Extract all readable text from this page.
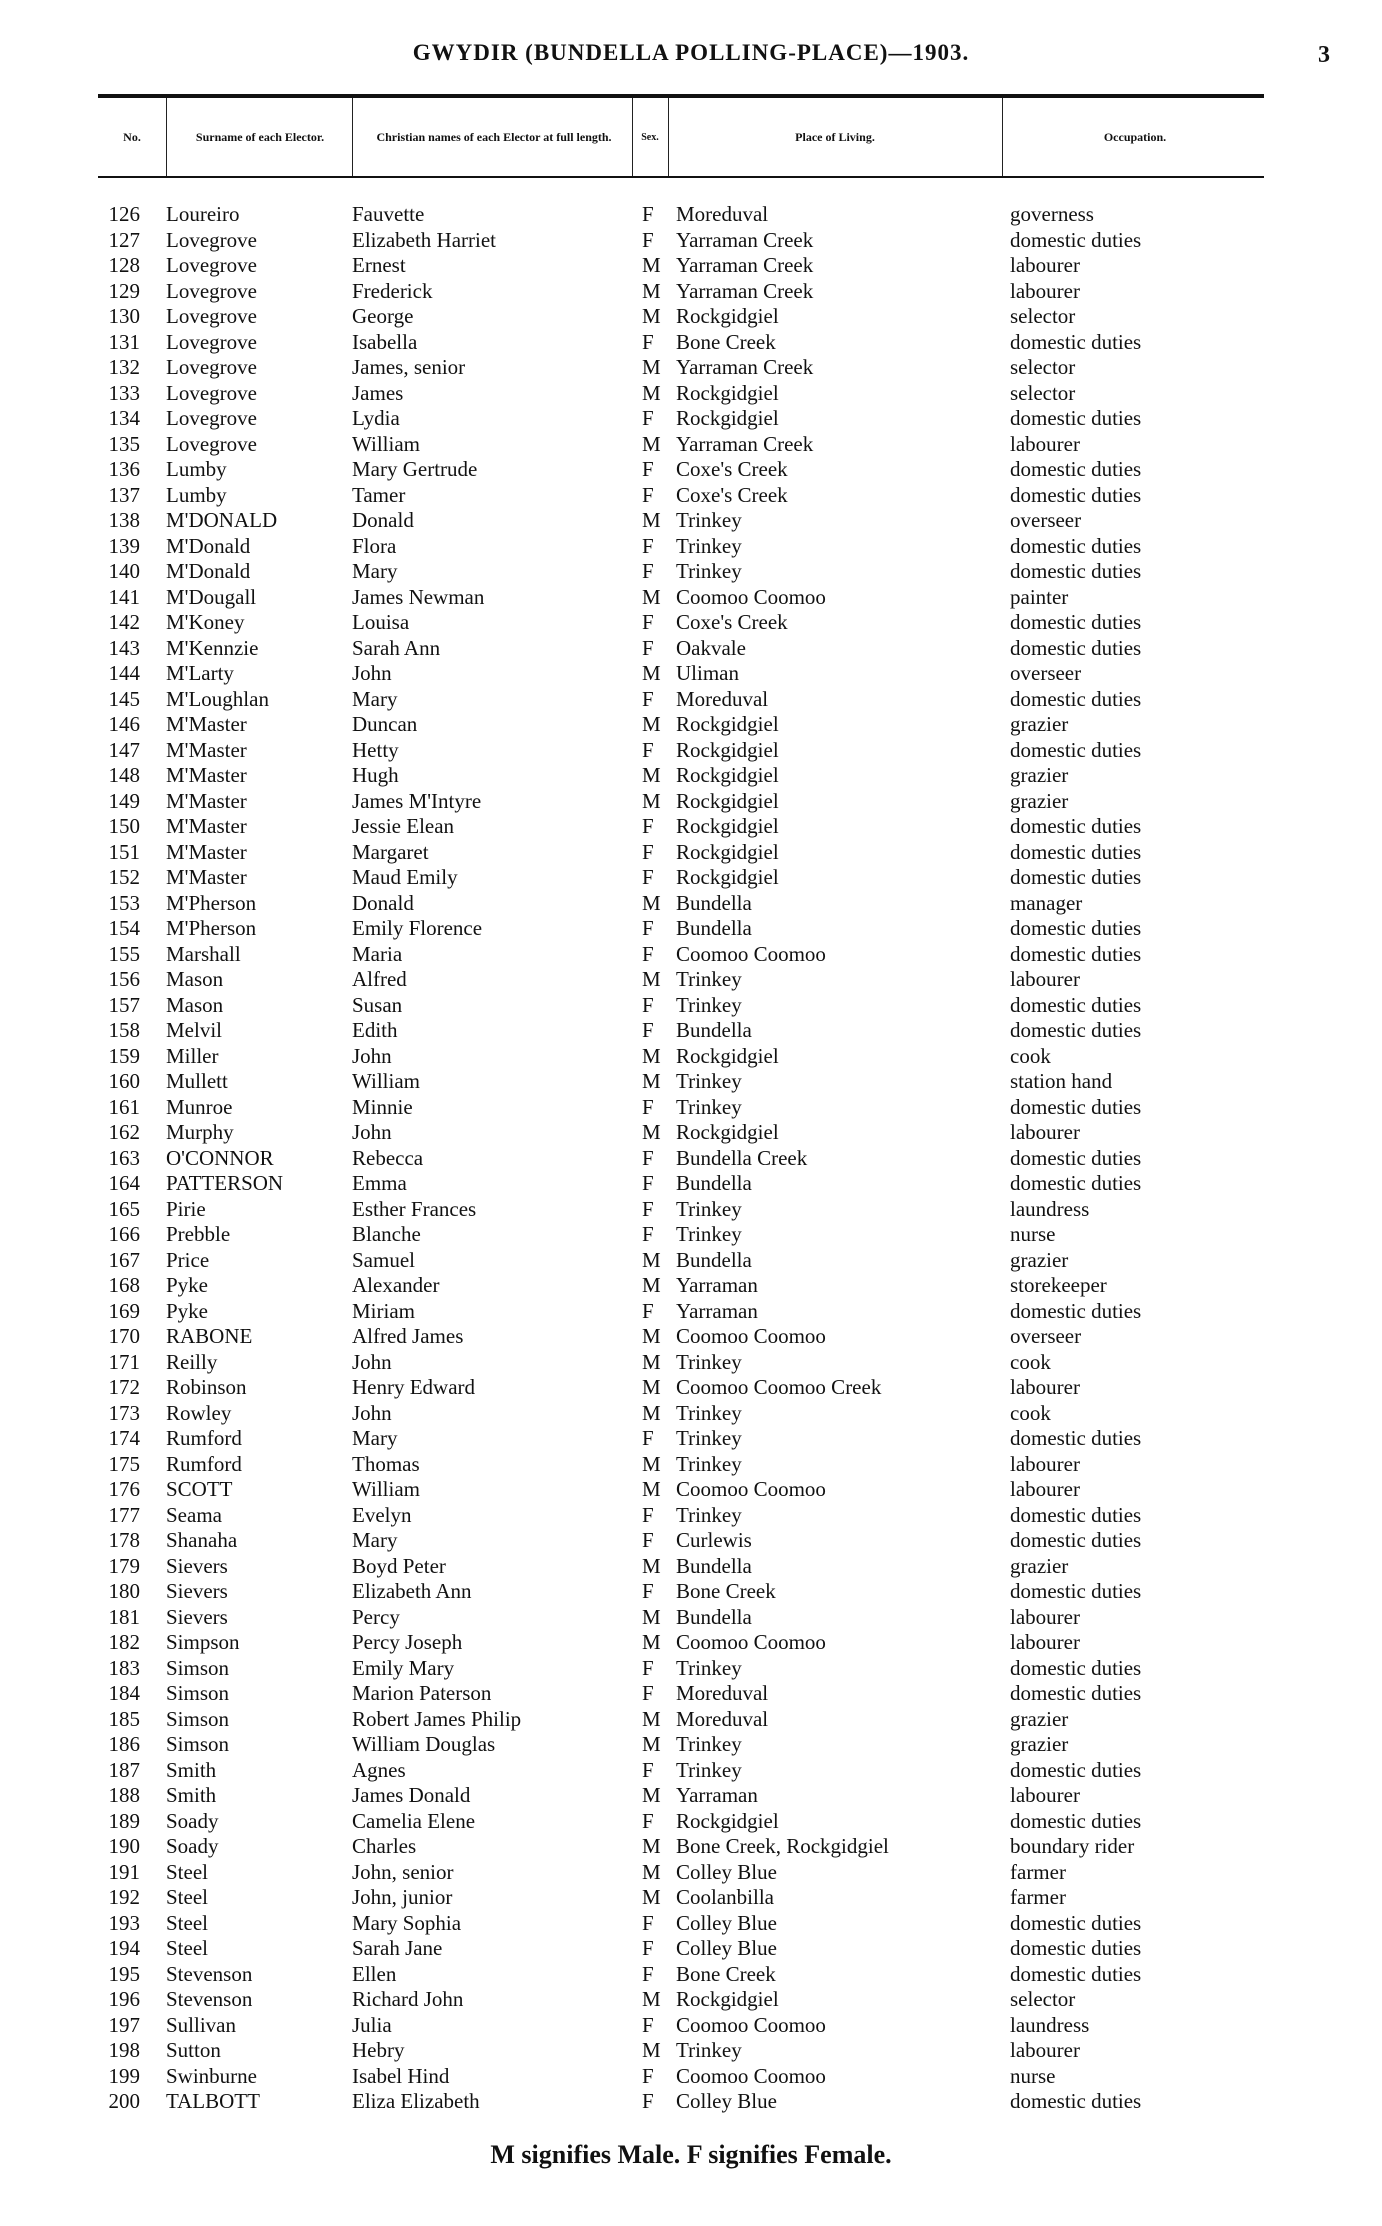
GWYDIR (BUNDELLA POLLING-PLACE)—1903.	3
No.	Surname of each Elector.	Christian names of each Elector at full length.	Sex.	Place of Living.	Occupation.
126 Loureiro	Fauvette	F Moreduval	governess
127 Lovegrove	Elizabeth Harriet	F Yarraman Creek	domestic duties
128 Lovegrove	Ernest	M Yarraman Creek	labourer
129 Lovegrove	Frederick	M Yarraman Creek	labourer
130 Lovegrove	George	M Rockgidgiel	selector
131 Lovegrove	Isabella	F Bone Creek	domestic duties
132 Lovegrove	James, senior	M Yarraman Creek	selector
133 Lovegrove	James	M Rockgidgiel	selector
134 Lovegrove	Lydia	F Rockgidgiel	domestic duties
135 Lovegrove	William	M Yarraman Creek	labourer
136 Lumby	Mary Gertrude	F Coxe's Creek	domestic duties
137 Lumby	Tamer	F Coxe's Creek	domestic duties
138 M'DONALD	Donald	M Trinkey	overseer
139 M'Donald	Flora	F Trinkey	domestic duties
140 M'Donald	Mary	F Trinkey	domestic duties
141 M'Dougall	James Newman	M Coomoo Coomoo	painter
142 M'Koney	Louisa	F Coxe's Creek	domestic duties
143 M'Kennzie	Sarah Ann	F Oakvale	domestic duties
144 M'Larty	John	M Uliman	overseer
145 M'Loughlan	Mary	F Moreduval	domestic duties
146 M'Master	Duncan	M Rockgidgiel	grazier
147 M'Master	Hetty	F Rockgidgiel	domestic duties
148 M'Master	Hugh	M Rockgidgiel	grazier
149 M'Master	James M'Intyre	M Rockgidgiel	grazier
150 M'Master	Jessie Elean	F Rockgidgiel	domestic duties
151 M'Master	Margaret	F Rockgidgiel	domestic duties
152 M'Master	Maud Emily	F Rockgidgiel	domestic duties
153 M'Pherson	Donald	M Bundella	manager
154 M'Pherson	Emily Florence	F Bundella	domestic duties
155 Marshall	Maria	F Coomoo Coomoo	domestic duties
156 Mason	Alfred	M Trinkey	labourer
157 Mason	Susan	F Trinkey	domestic duties
158 Melvil	Edith	F Bundella	domestic duties
159 Miller	John	M Rockgidgiel	cook
160 Mullett	William	M Trinkey	station hand
161 Munroe	Minnie	F Trinkey	domestic duties
162 Murphy	John	M Rockgidgiel	labourer
163 O'CONNOR	Rebecca	F Bundella Creek	domestic duties
164 PATTERSON	Emma	F Bundella	domestic duties
165 Pirie	Esther Frances	F Trinkey	laundress
166 Prebble	Blanche	F Trinkey	nurse
167 Price	Samuel	M Bundella	grazier
168 Pyke	Alexander	M Yarraman	storekeeper
169 Pyke	Miriam	F Yarraman	domestic duties
170 RABONE	Alfred James	M Coomoo Coomoo	overseer
171 Reilly	John	M Trinkey	cook
172 Robinson	Henry Edward	M Coomoo Coomoo Creek	labourer
173 Rowley	John	M Trinkey	cook
174 Rumford	Mary	F Trinkey	domestic duties
175 Rumford	Thomas	M Trinkey	labourer
176 SCOTT	William	M Coomoo Coomoo	labourer
177 Seama	Evelyn	F Trinkey	domestic duties
178 Shanaha	Mary	F Curlewis	domestic duties
179 Sievers	Boyd Peter	M Bundella	grazier
180 Sievers	Elizabeth Ann	F Bone Creek	domestic duties
181 Sievers	Percy	M Bundella	labourer
182 Simpson	Percy Joseph	M Coomoo Coomoo	labourer
183 Simson	Emily Mary	F Trinkey	domestic duties
184 Simson	Marion Paterson	F Moreduval	domestic duties
185 Simson	Robert James Philip	M Moreduval	grazier
186 Simson	William Douglas	M Trinkey	grazier
187 Smith	Agnes	F Trinkey	domestic duties
188 Smith	James Donald	M Yarraman	labourer
189 Soady	Camelia Elene	F Rockgidgiel	domestic duties
190 Soady	Charles	M Bone Creek, Rockgidgiel	boundary rider
191 Steel	John, senior	M Colley Blue	farmer
192 Steel	John, junior	M Coolanbilla	farmer
193 Steel	Mary Sophia	F Colley Blue	domestic duties
194 Steel	Sarah Jane	F Colley Blue	domestic duties
195 Stevenson	Ellen	F Bone Creek	domestic duties
196 Stevenson	Richard John	M Rockgidgiel	selector
197 Sullivan	Julia	F Coomoo Coomoo	laundress
198 Sutton	Hebry	M Trinkey	labourer
199 Swinburne	Isabel Hind	F Coomoo Coomoo	nurse
200 TALBOTT	Eliza Elizabeth	F Colley Blue	domestic duties
M signifies Male. F signifies Female.
